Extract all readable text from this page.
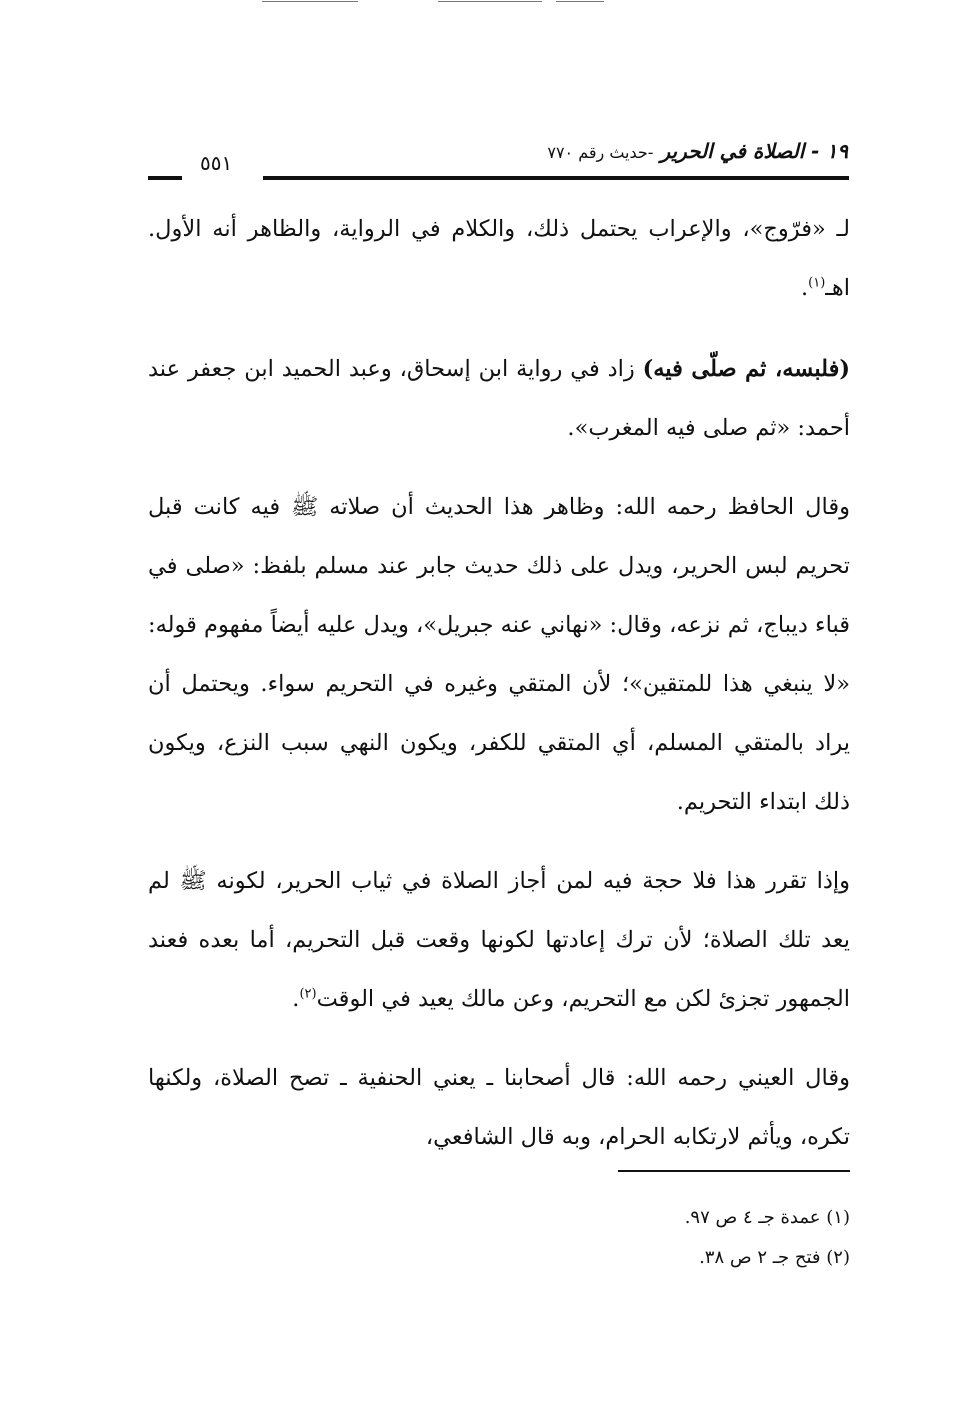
١٩ - الصلاة في الحرير -حديث رقم ٧٧٠
٥٥١

لـ «فرّوج»، والإعراب يحتمل ذلك، والكلام في الرواية، والظاهر أنه الأول. اهـ$^{(١)}$.

(فلبسه، ثم صلّى فيه) زاد في رواية ابن إسحاق، وعبد الحميد ابن جعفر عند أحمد: «ثم صلى فيه المغرب».

وقال الحافظ رحمه الله: وظاهر هذا الحديث أن صلاته ﷺ فيه كانت قبل تحريم لبس الحرير، ويدل على ذلك حديث جابر عند مسلم بلفظ: «صلى في قباء ديباج، ثم نزعه، وقال: «نهاني عنه جبريل»، ويدل عليه أيضاً مفهوم قوله: «لا ينبغي هذا للمتقين»؛ لأن المتقي وغيره في التحريم سواء. ويحتمل أن يراد بالمتقي المسلم، أي المتقي للكفر، ويكون النهي سبب النزع، ويكون ذلك ابتداء التحريم.

وإذا تقرر هذا فلا حجة فيه لمن أجاز الصلاة في ثياب الحرير، لكونه ﷺ لم يعد تلك الصلاة؛ لأن ترك إعادتها لكونها وقعت قبل التحريم، أما بعده فعند الجمهور تجزئ لكن مع التحريم، وعن مالك يعيد في الوقت$^{(٢)}$.

وقال العيني رحمه الله: قال أصحابنا ـ يعني الحنفية ـ تصح الصلاة، ولكنها تكره، ويأثم لارتكابه الحرام، وبه قال الشافعي،

(١) عمدة جـ ٤ ص ٩٧.
(٢) فتح جـ ٢ ص ٣٨.
